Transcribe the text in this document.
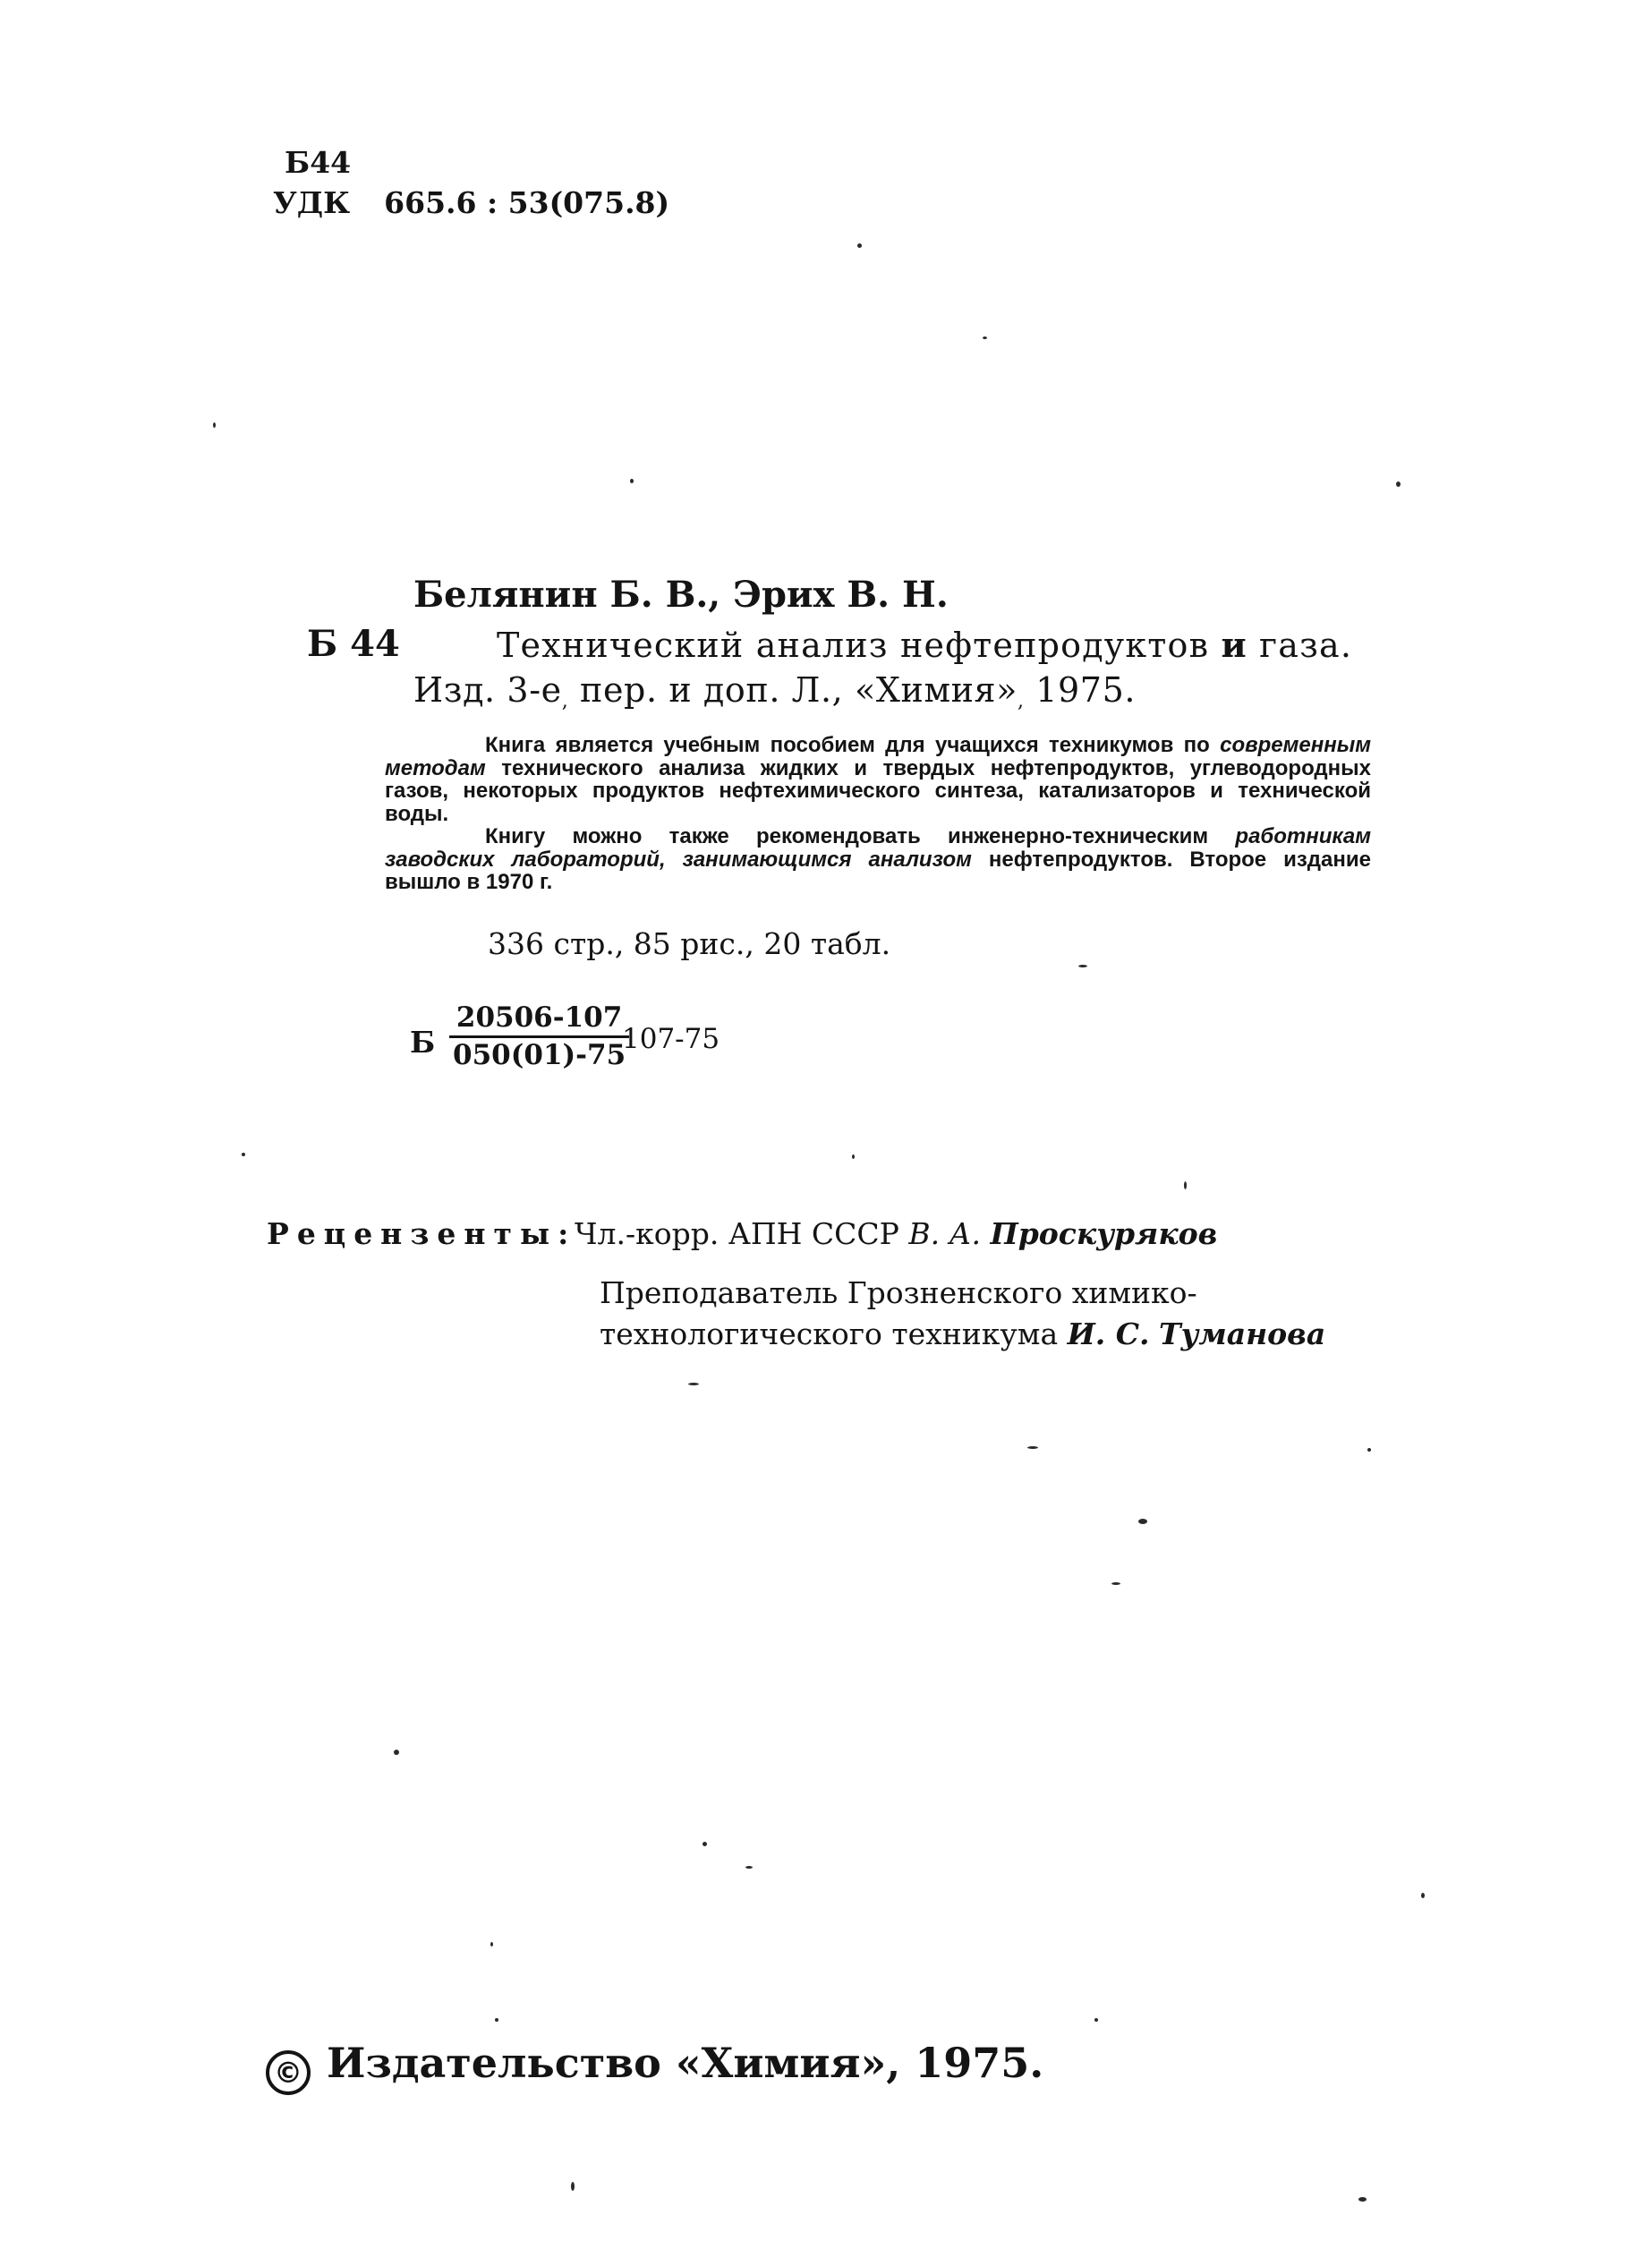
Б44
УДК 665.6 : 53(075.8)
Белянин Б. В., Эрих В. Н.
Б 44	Технический анализ нефтепродуктов и газа.
Изд. $3-е_,$ пер. и доп. Л., «$Химия»_,$ 1975.

Книга является учебным пособием для учащихся техникумов по современным методам технического анализа жидких и твердых нефтепродуктов, углеводородных газов, некоторых продуктов нефтехимического синтеза, катализаторов и технической воды.

Книгу можно также рекомендовать инженерно-техническим работникам заводских лабораторий, занимающимся анализом нефтепродуктов. Второе издание вышло в 1970 г.

336 стр., 85 рис., 20 табл.
Б $\frac{20506-107}{050(01)-75}$
107-75
Рецензенты:
Чл.-корр. АПН СССР В. А. Проскуряков
Преподаватель Грозненского химико-
технологического техникума И. С. Туманова
© Издательство «Химия», 1975.
